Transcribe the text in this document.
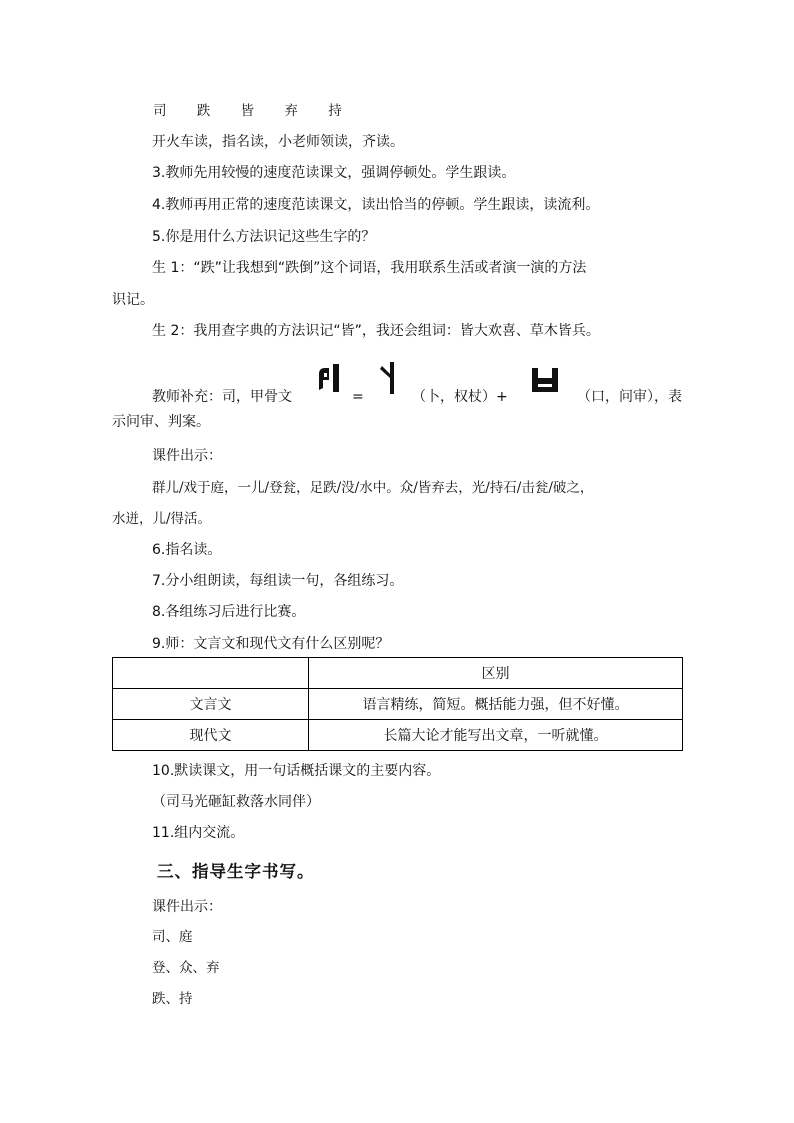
司 跌 皆 弃 持
开火车读，指名读，小老师领读，齐读。
3.教师先用较慢的速度范读课文，强调停顿处。学生跟读。
4.教师再用正常的速度范读课文，读出恰当的停顿。学生跟读，读流利。
5.你是用什么方法识记这些生字的？
生 1：“跌”让我想到“跌倒”这个词语，我用联系生活或者演一演的方法
识记。
生 2：我用查字典的方法识记“皆”，我还会组词：皆大欢喜、草木皆兵。
教师补充：司，甲骨文	=	（卜，权杖）+	（口，问审），表
示问审、判案。
课件出示：
群儿/戏于庭，一儿/登瓮，足跌/没/水中。众/皆弃去，光/持石/击瓮/破之，
水迸，儿/得活。
6.指名读。
7.分小组朗读，每组读一句，各组练习。
8.各组练习后进行比赛。
9.师：文言文和现代文有什么区别呢？
	区别
文言文	语言精练，简短。概括能力强，但不好懂。
现代文	长篇大论才能写出文章，一听就懂。
10.默读课文，用一句话概括课文的主要内容。
（司马光砸缸救落水同伴）
11.组内交流。
三、指导生字书写。
课件出示：
司、庭
登、众、弃
跌、持
